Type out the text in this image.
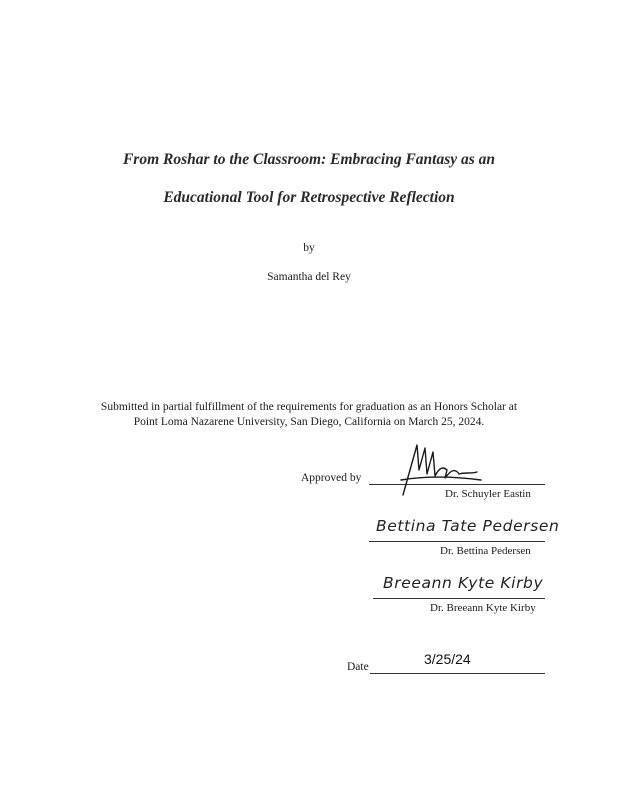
From Roshar to the Classroom: Embracing Fantasy as an
Educational Tool for Retrospective Reflection
by
Samantha del Rey
Submitted in partial fulfillment of the requirements for graduation as an Honors Scholar at
Point Loma Nazarene University, San Diego, California on March 25, 2024.
Approved by
Dr. Schuyler Eastin
Bettina Tate Pedersen
Dr. Bettina Pedersen
Breeann Kyte Kirby
Dr. Breeann Kyte Kirby
Date	3/25/24
